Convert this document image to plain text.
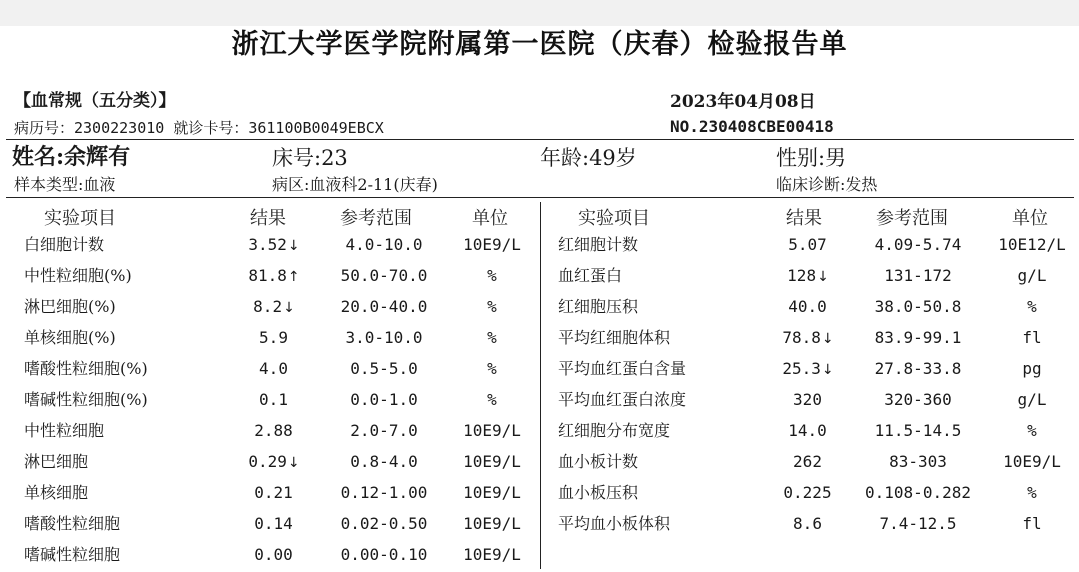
浙江大学医学院附属第一医院（庆春）检验报告单
【血常规（五分类）】	2023年04月08日
病历号：2300223010 就诊卡号：361100B0049EBCX	NO.230408CBE00418
姓名:余辉有	床号:23	年龄:49岁	性别:男
样本类型:血液	病区:血液科2-11(庆春)	临床诊断:发热
实验项目	结果	参考范围	单位	实验项目	结果	参考范围	单位
白细胞计数	3.52↓	4.0-10.0	10E9/L
中性粒细胞(%)	81.8↑	50.0-70.0	%
淋巴细胞(%)	8.2↓	20.0-40.0	%
单核细胞(%)	5.9	3.0-10.0	%
嗜酸性粒细胞(%)	4.0	0.5-5.0	%
嗜碱性粒细胞(%)	0.1	0.0-1.0	%
中性粒细胞	2.88	2.0-7.0	10E9/L
淋巴细胞	0.29↓	0.8-4.0	10E9/L
单核细胞	0.21	0.12-1.00	10E9/L
嗜酸性粒细胞	0.14	0.02-0.50	10E9/L
嗜碱性粒细胞	0.00	0.00-0.10	10E9/L
红细胞计数	5.07	4.09-5.74	10E12/L
血红蛋白	128↓	131-172	g/L
红细胞压积	40.0	38.0-50.8	%
平均红细胞体积	78.8↓	83.9-99.1	fl
平均血红蛋白含量	25.3↓	27.8-33.8	pg
平均血红蛋白浓度	320	320-360	g/L
红细胞分布宽度	14.0	11.5-14.5	%
血小板计数	262	83-303	10E9/L
血小板压积	0.225	0.108-0.282	%
平均血小板体积	8.6	7.4-12.5	fl
